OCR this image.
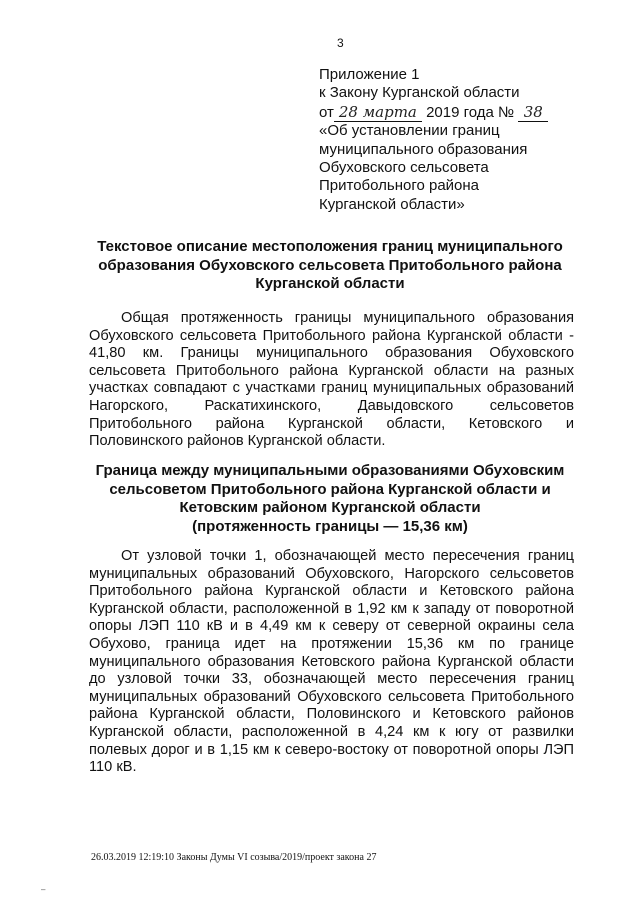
3
Приложение 1
к Закону Курганской области
от 28 марта 2019 года № 38
«Об установлении границ
муниципального образования
Обуховского сельсовета
Притобольного района
Курганской области»
Текстовое описание местоположения границ муниципального образования Обуховского сельсовета Притобольного района Курганской области
Общая протяженность границы муниципального образования Обуховского сельсовета Притобольного района Курганской области - 41,80 км. Границы муниципального образования Обуховского сельсовета Притобольного района Курганской области на разных участках совпадают с участками границ муниципальных образований Нагорского, Раскатихинского, Давыдовского сельсоветов Притобольного района Курганской области, Кетовского и Половинского районов Курганской области.
Граница между муниципальными образованиями Обуховским сельсоветом Притобольного района Курганской области и Кетовским районом Курганской области
(протяженность границы — 15,36 км)
От узловой точки 1, обозначающей место пересечения границ муниципальных образований Обуховского, Нагорского сельсоветов Притобольного района Курганской области и Кетовского района Курганской области, расположенной в 1,92 км к западу от поворотной опоры ЛЭП 110 кВ и в 4,49 км к северу от северной окраины села Обухово, граница идет на протяжении 15,36 км по границе муниципального образования Кетовского района Курганской области до узловой точки 33, обозначающей место пересечения границ муниципальных образований Обуховского сельсовета Притобольного района Курганской области, Половинского и Кетовского районов Курганской области, расположенной в 4,24 км к югу от развилки полевых дорог и в 1,15 км к северо-востоку от поворотной опоры ЛЭП 110 кВ.
26.03.2019 12:19:10 Законы Думы VI созыва/2019/проект закона 27
–
